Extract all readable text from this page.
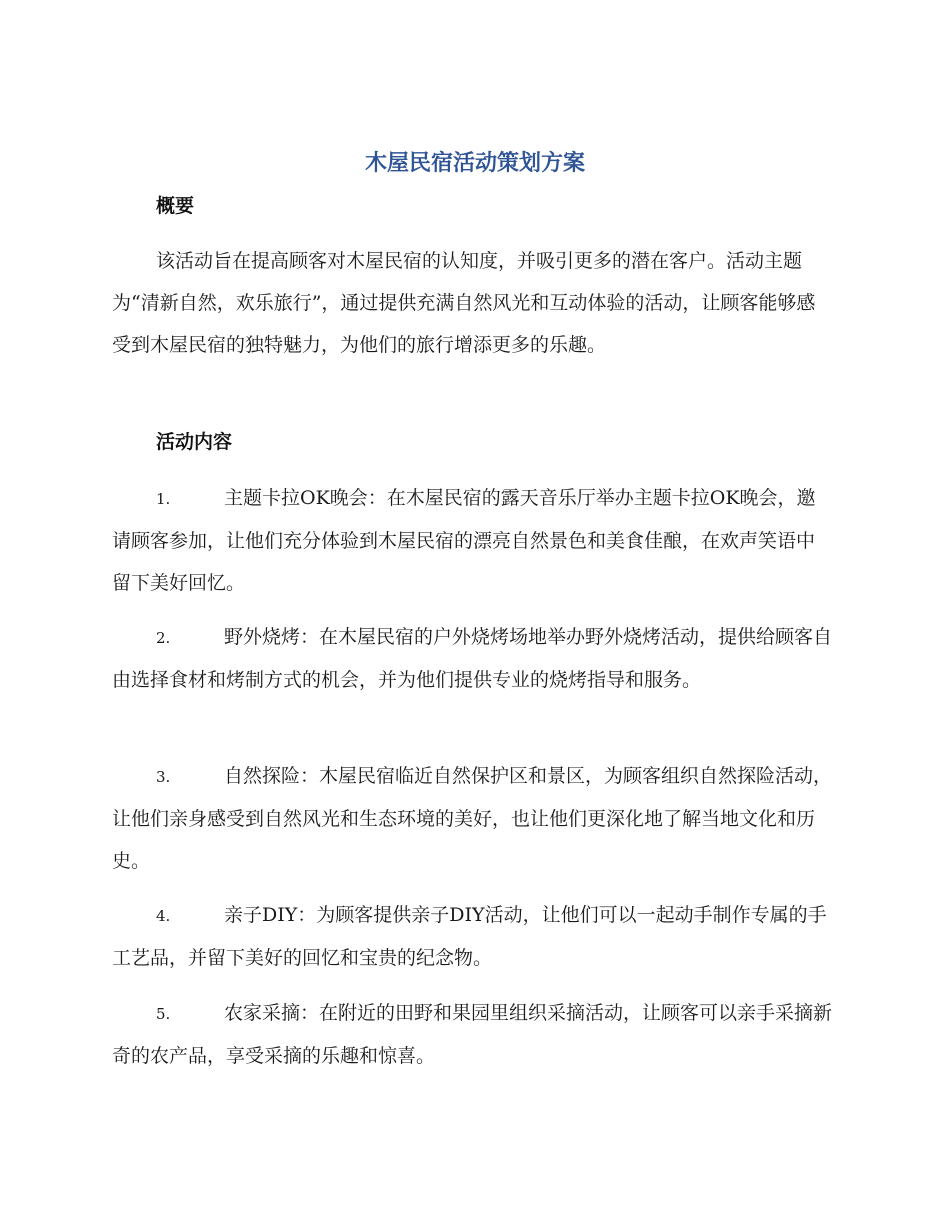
木屋民宿活动策划方案
概要

该活动旨在提高顾客对木屋民宿的认知度，并吸引更多的潜在客户。活动主题为“清新自然，欢乐旅行”，通过提供充满自然风光和互动体验的活动，让顾客能够感受到木屋民宿的独特魅力，为他们的旅行增添更多的乐趣。

活动内容

1.	主题卡拉OK晚会：在木屋民宿的露天音乐厅举办主题卡拉OK晚会，邀请顾客参加，让他们充分体验到木屋民宿的漂亮自然景色和美食佳酿，在欢声笑语中留下美好回忆。

2.	野外烧烤：在木屋民宿的户外烧烤场地举办野外烧烤活动，提供给顾客自由选择食材和烤制方式的机会，并为他们提供专业的烧烤指导和服务。

3.	自然探险：木屋民宿临近自然保护区和景区，为顾客组织自然探险活动，让他们亲身感受到自然风光和生态环境的美好，也让他们更深化地了解当地文化和历史。

4.	亲子DIY：为顾客提供亲子DIY活动，让他们可以一起动手制作专属的手工艺品，并留下美好的回忆和宝贵的纪念物。

5.	农家采摘：在附近的田野和果园里组织采摘活动，让顾客可以亲手采摘新奇的农产品，享受采摘的乐趣和惊喜。
